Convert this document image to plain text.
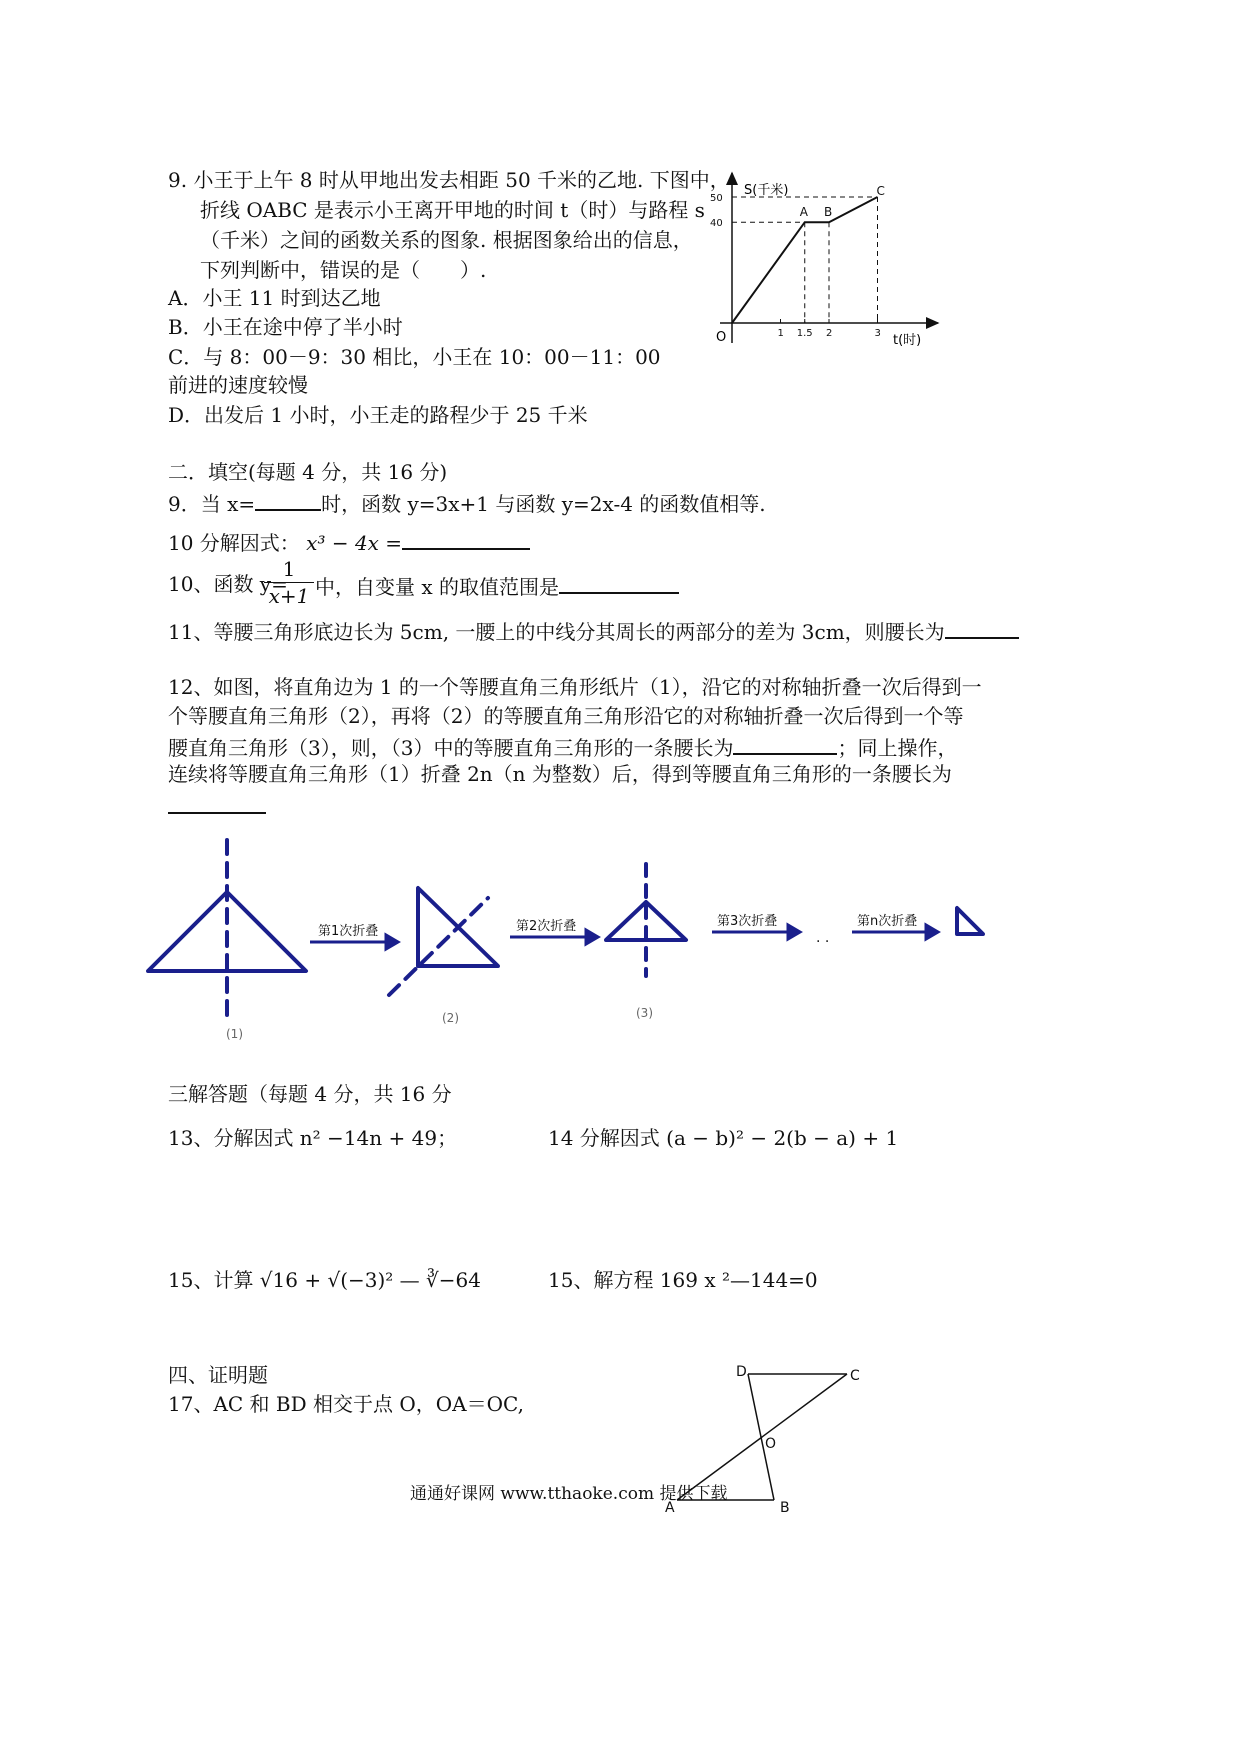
9. 小王于上午 8 时从甲地出发去相距 50 千米的乙地. 下图中，
折线 OABC 是表示小王离开甲地的时间 t（时）与路程 s
（千米）之间的函数关系的图象. 根据图象给出的信息，
下列判断中，错误的是（　　）.
A．小王 11 时到达乙地
B．小王在途中停了半小时
C．与 8：00－9：30 相比，小王在 10：00－11：00
前进的速度较慢
D．出发后 1 小时，小王走的路程少于 25 千米
A B
C
1 1.5 2	3
40
50
S(千米)
t(时)
O
二．填空(每题 4 分，共 16 分)
9．当 x=	时，函数 y=3x+1 与函数 y=2x-4 的函数值相等.
10 分解因式： x³ − 4x =
10、函数 y=
$\frac{1}{x+1}$ 中，自变量 x 的取值范围是
11、等腰三角形底边长为 5cm, 一腰上的中线分其周长的两部分的差为 3cm，则腰长为
12、如图，将直角边为 1 的一个等腰直角三角形纸片（1），沿它的对称轴折叠一次后得到一
个等腰直角三角形（2），再将（2）的等腰直角三角形沿它的对称轴折叠一次后得到一个等
腰直角三角形（3），则，（3）中的等腰直角三角形的一条腰长为	；同上操作，
连续将等腰直角三角形（1）折叠 2n（n 为整数）后，得到等腰直角三角形的一条腰长为
第1次折叠	第2次折叠	第3次折叠	第n次折叠
· ·
(1)
(2)	(3)
三解答题（每题 4 分，共 16 分
13、分解因式 n² −14n + 49；	14 分解因式 (a − b)² − 2(b − a) + 1
15、计算 √16 + √(−3)² — ∛−64	15、解方程 169 x ²—144=0
四、证明题
17、AC 和 BD 相交于点 O，OA＝OC,
D	C
O
A	B
通通好课网 www.tthaoke.com 提供下载
